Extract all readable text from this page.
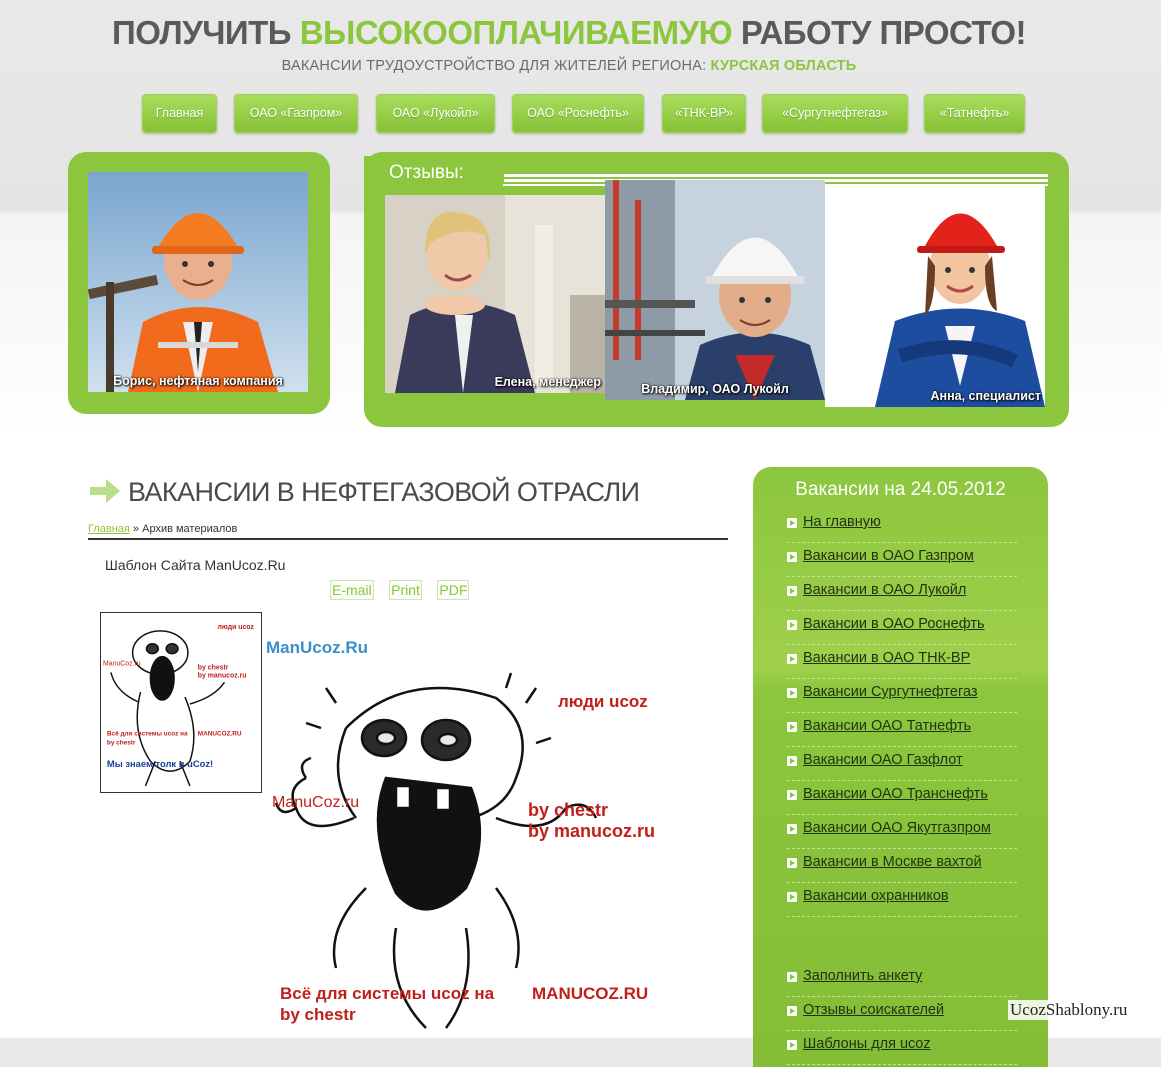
ПОЛУЧИТЬ ВЫСОКООПЛАЧИВАЕМУЮ РАБОТУ ПРОСТО!
ВАКАНСИИ ТРУДОУСТРОЙСТВО ДЛЯ ЖИТЕЛЕЙ РЕГИОНА: КУРСКАЯ ОБЛАСТЬ
Главная	ОАО «Газпром»	ОАО «Лукойл»	ОАО «Роснефть»	«ТНК-ВР»	«Сургутнефтегаз»	«Татнефть»
Борис, нефтяная компания
Отзывы:
Елена, менеджер	Владимир, ОАО Лукойл	Анна, специалист
ВАКАНСИИ В НЕФТЕГАЗОВОЙ ОТРАСЛИ
Главная » Архив материалов
Шаблон Сайта ManUcoz.Ru
E-mail Print PDF
люди ucoz
ManuCoz.ru
by chestr
by manucoz.ru
Всё для системы ucoz на MANUCOZ.RU
by chestr
Мы знаем толк в uCoz!
ManUcoz.Ru
люди ucoz
ManuCoz.ru	by chestr
by manucoz.ru
Всё для системы ucoz на MANUCOZ.RU
by chestr
Вакансии на 24.05.2012
На главную
Вакансии в ОАО Газпром
Вакансии в ОАО Лукойл
Вакансии в ОАО Роснефть
Вакансии в ОАО ТНК-ВР
Вакансии Сургутнефтегаз
Вакансии ОАО Татнефть
Вакансии ОАО Газфлот
Вакансии ОАО Транснефть
Вакансии ОАО Якутгазпром
Вакансии в Москве вахтой
Вакансии охранников
Заполнить анкету
Отзывы соискателей
Шаблоны для ucoz
UcozShablony.ru
